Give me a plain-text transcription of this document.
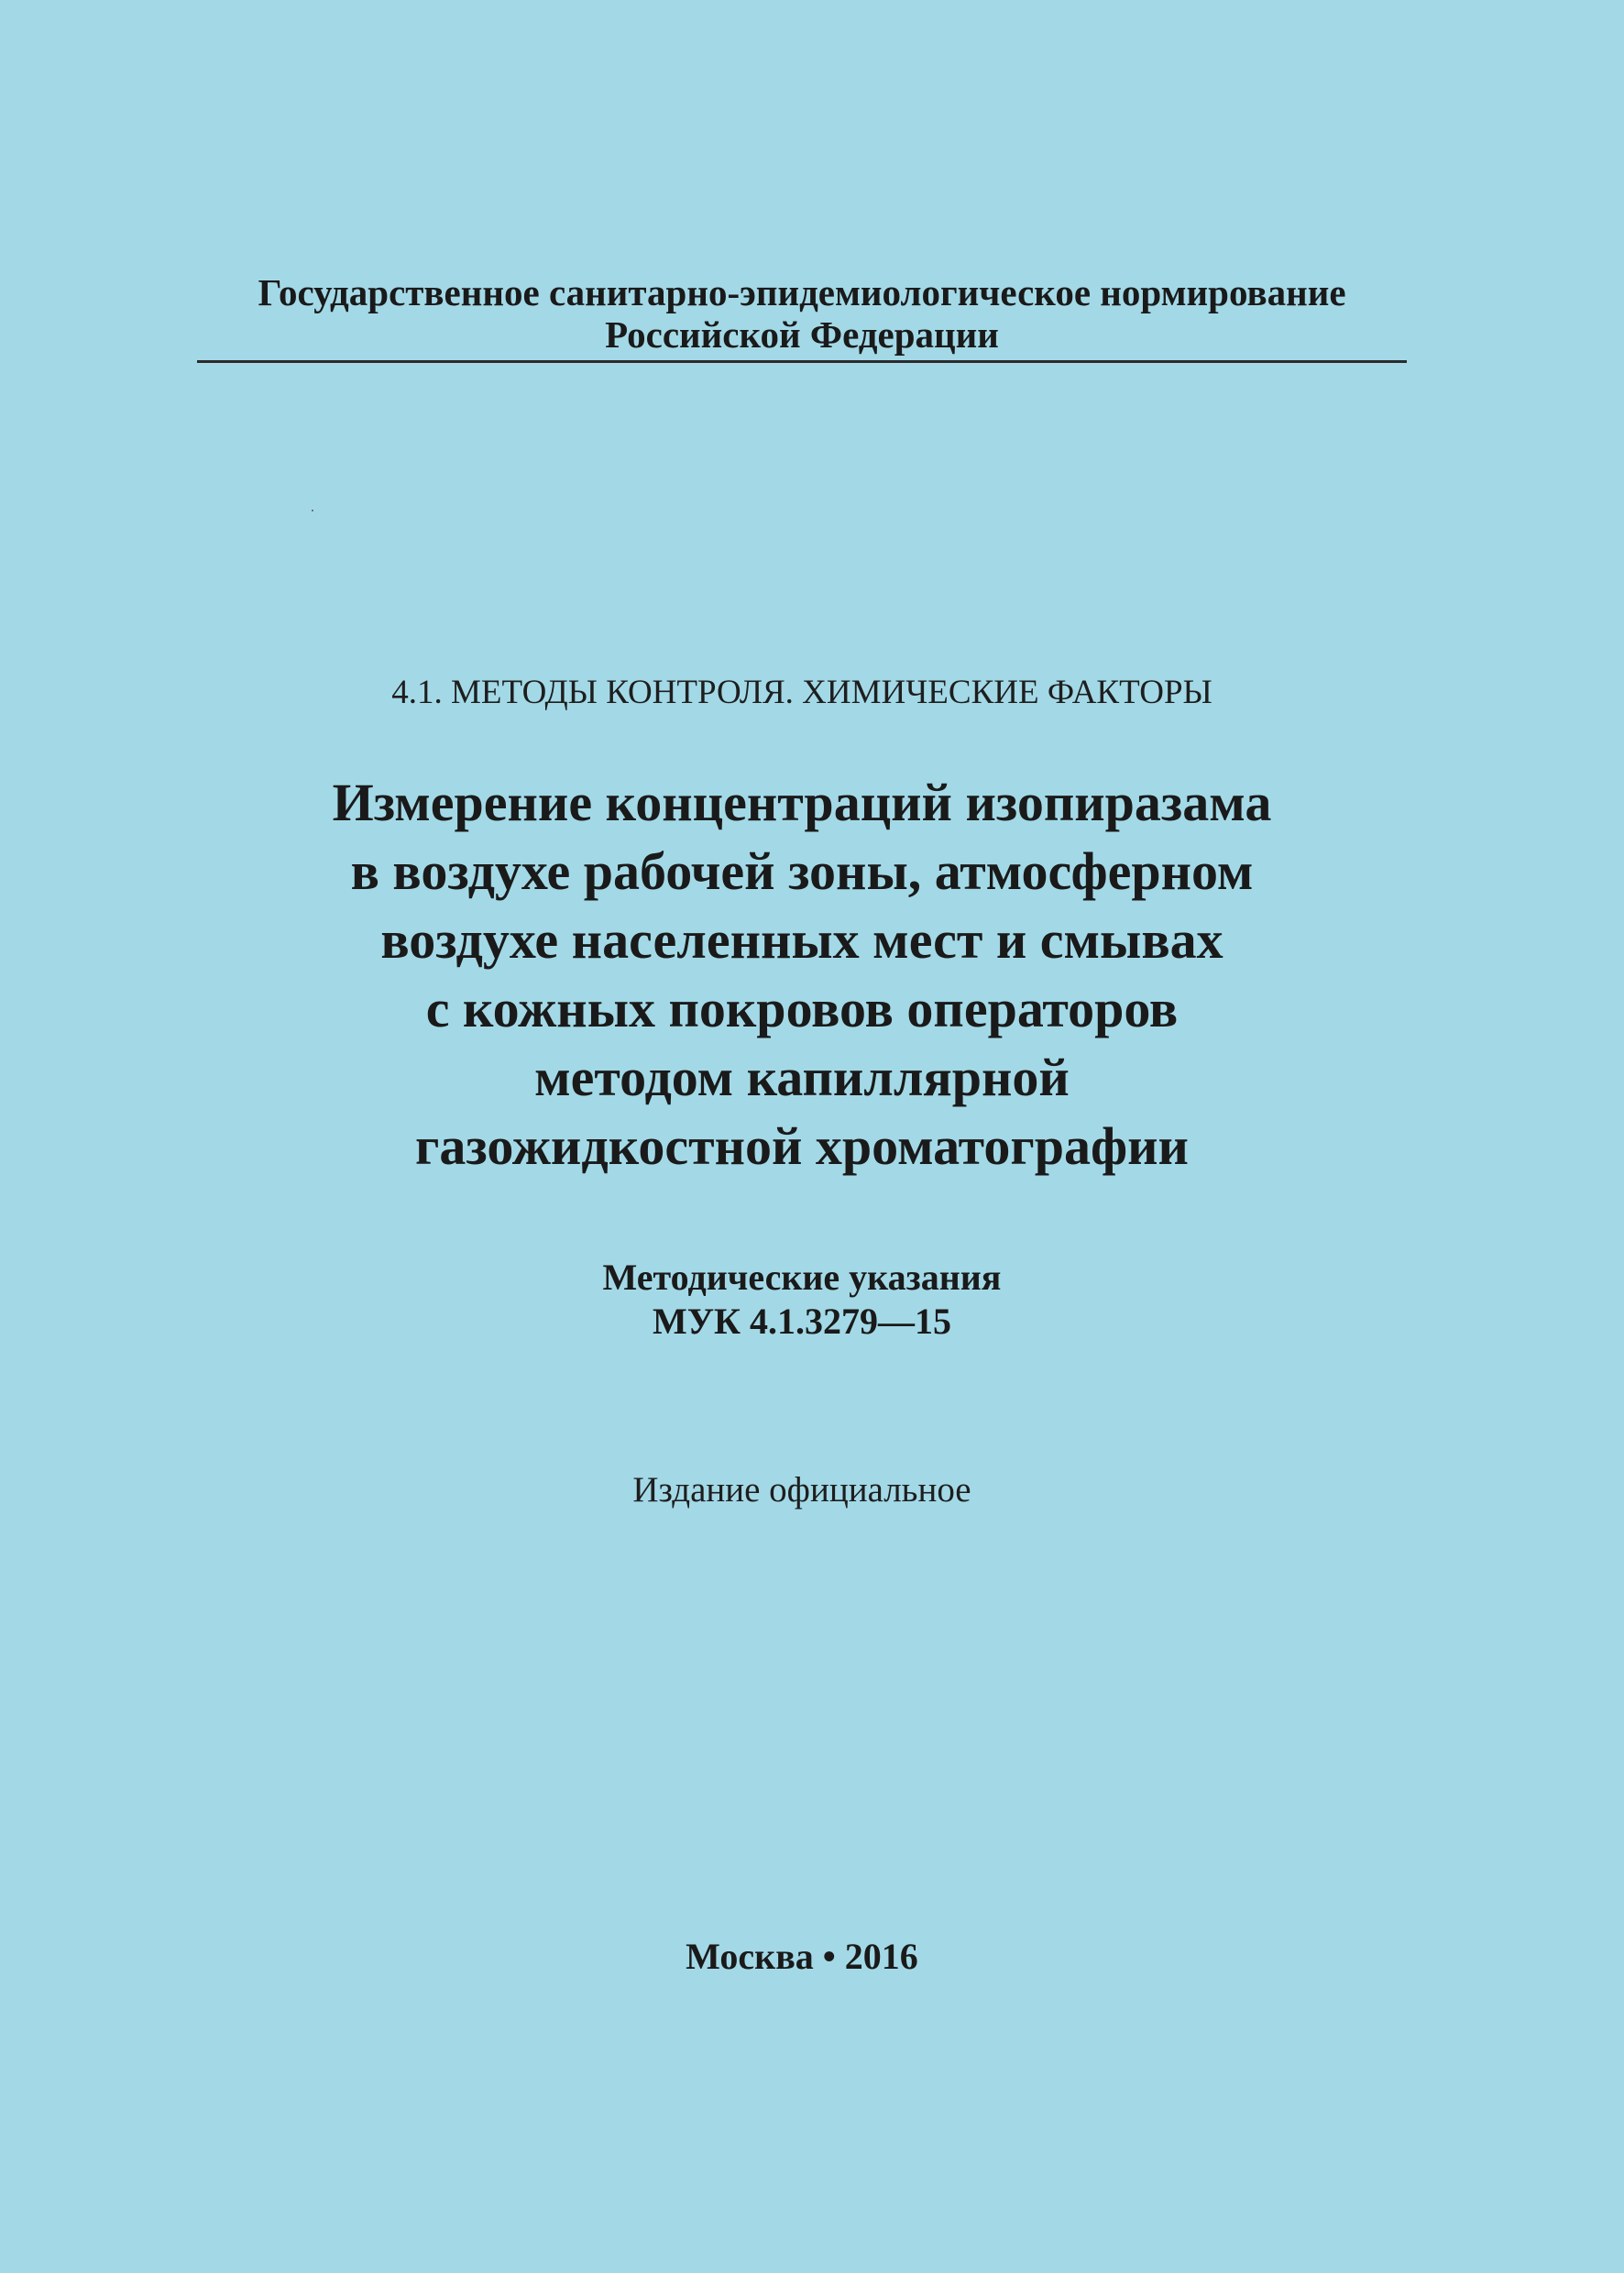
Государственное санитарно-эпидемиологическое нормирование
Российской Федерации
4.1. МЕТОДЫ КОНТРОЛЯ. ХИМИЧЕСКИЕ ФАКТОРЫ
Измерение концентраций изопиразама
в воздухе рабочей зоны, атмосферном
воздухе населенных мест и смывах
с кожных покровов операторов
методом капиллярной
газожидкостной хроматографии
Методические указания
МУК 4.1.3279—15
Издание официальное
Москва • 2016
